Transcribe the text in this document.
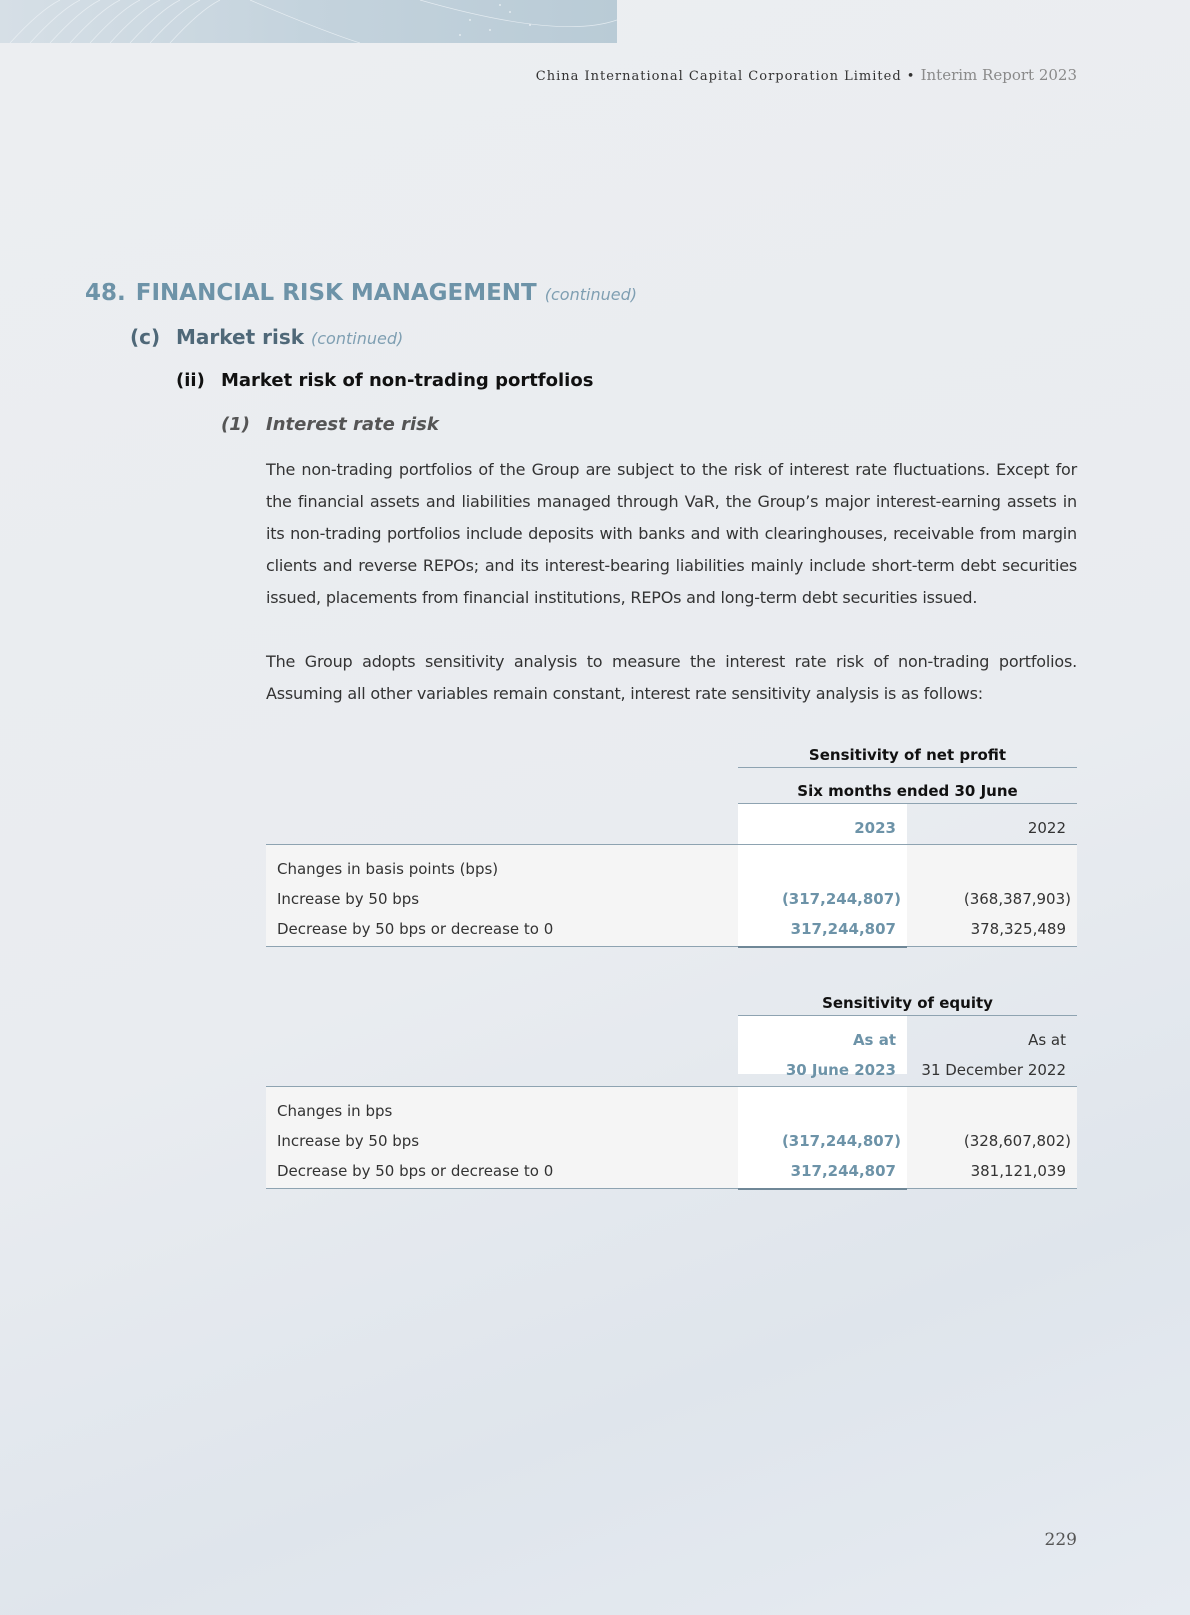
China International Capital Corporation Limited • Interim Report 2023
48. FINANCIAL RISK MANAGEMENT (continued)
(c) Market risk (continued)
(ii) Market risk of non-trading portfolios
(1) Interest rate risk

The non-trading portfolios of the Group are subject to the risk of interest rate fluctuations. Except for the financial assets and liabilities managed through VaR, the Group’s major interest-earning assets in its non-trading portfolios include deposits with banks and with clearinghouses, receivable from margin clients and reverse REPOs; and its interest-bearing liabilities mainly include short-term debt securities issued, placements from financial institutions, REPOs and long-term debt securities issued.

The Group adopts sensitivity analysis to measure the interest rate risk of non-trading portfolios. Assuming all other variables remain constant, interest rate sensitivity analysis is as follows:

Sensitivity of net profit
Six months ended 30 June
2023	2022
Changes in basis points (bps)
Increase by 50 bps	(317,244,807)	(368,387,903)
Decrease by 50 bps or decrease to 0	317,244,807	378,325,489
Sensitivity of equity
As at	As at
30 June 2023	31 December 2022
Changes in bps
Increase by 50 bps	(317,244,807)	(328,607,802)
Decrease by 50 bps or decrease to 0	317,244,807	381,121,039
229
